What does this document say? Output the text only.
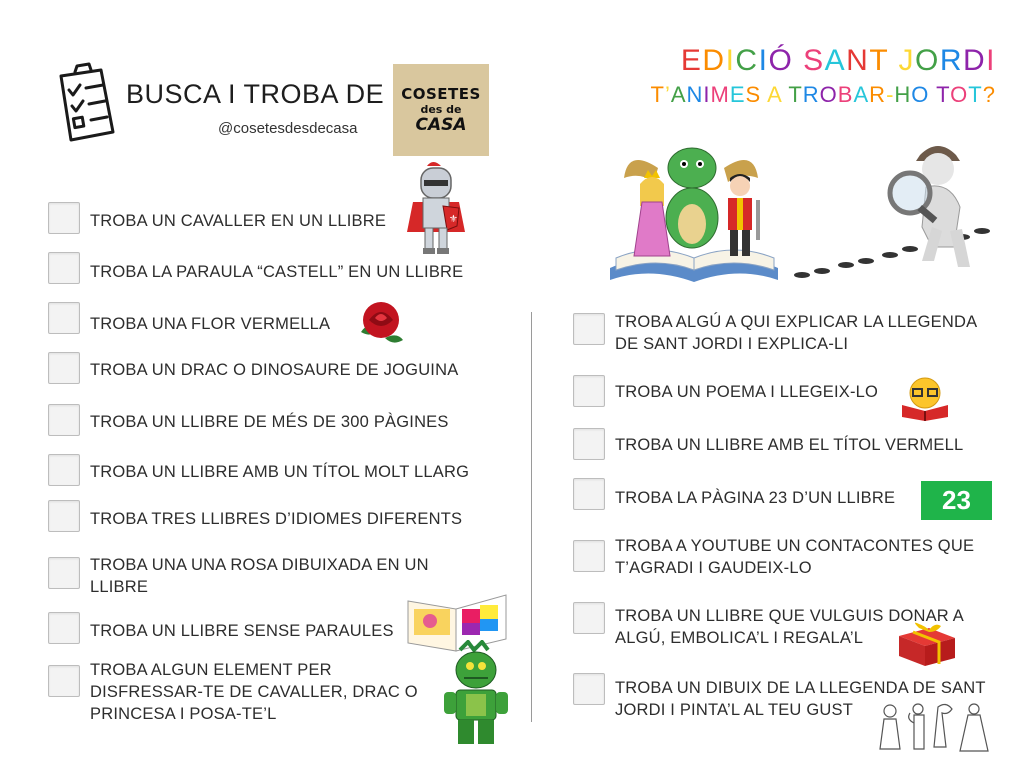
BUSCA I TROBA DE
@cosetesdesdecasa
COSETES
des de
CASA
EDICIÓ SANT JORDI
T’ANIMES A TROBAR-HO TOT?
TROBA UN CAVALLER EN UN LLIBRE
TROBA LA PARAULA “CASTELL” EN UN LLIBRE
TROBA UNA FLOR VERMELLA
TROBA UN DRAC O DINOSAURE DE JOGUINA
TROBA UN LLIBRE DE MÉS DE 300 PÀGINES
TROBA UN LLIBRE AMB UN TÍTOL MOLT LLARG
TROBA TRES LLIBRES D’IDIOMES DIFERENTS
TROBA UNA UNA ROSA DIBUIXADA EN UN LLIBRE
TROBA UN LLIBRE SENSE PARAULES
TROBA ALGUN ELEMENT PER DISFRESSAR-TE DE CAVALLER, DRAC O PRINCESA I POSA-TE’L
TROBA ALGÚ A QUI EXPLICAR LA LLEGENDA DE SANT JORDI I EXPLICA-LI
TROBA UN POEMA I LLEGEIX-LO
TROBA UN LLIBRE AMB EL TÍTOL VERMELL
TROBA LA PÀGINA 23 D’UN LLIBRE	23
TROBA A YOUTUBE UN CONTACONTES QUE T’AGRADI I GAUDEIX-LO
TROBA UN LLIBRE QUE VULGUIS DONAR A ALGÚ, EMBOLICA’L I REGALA’L
TROBA UN DIBUIX DE LA LLEGENDA DE SANT JORDI I PINTA’L AL TEU GUST
⚜
